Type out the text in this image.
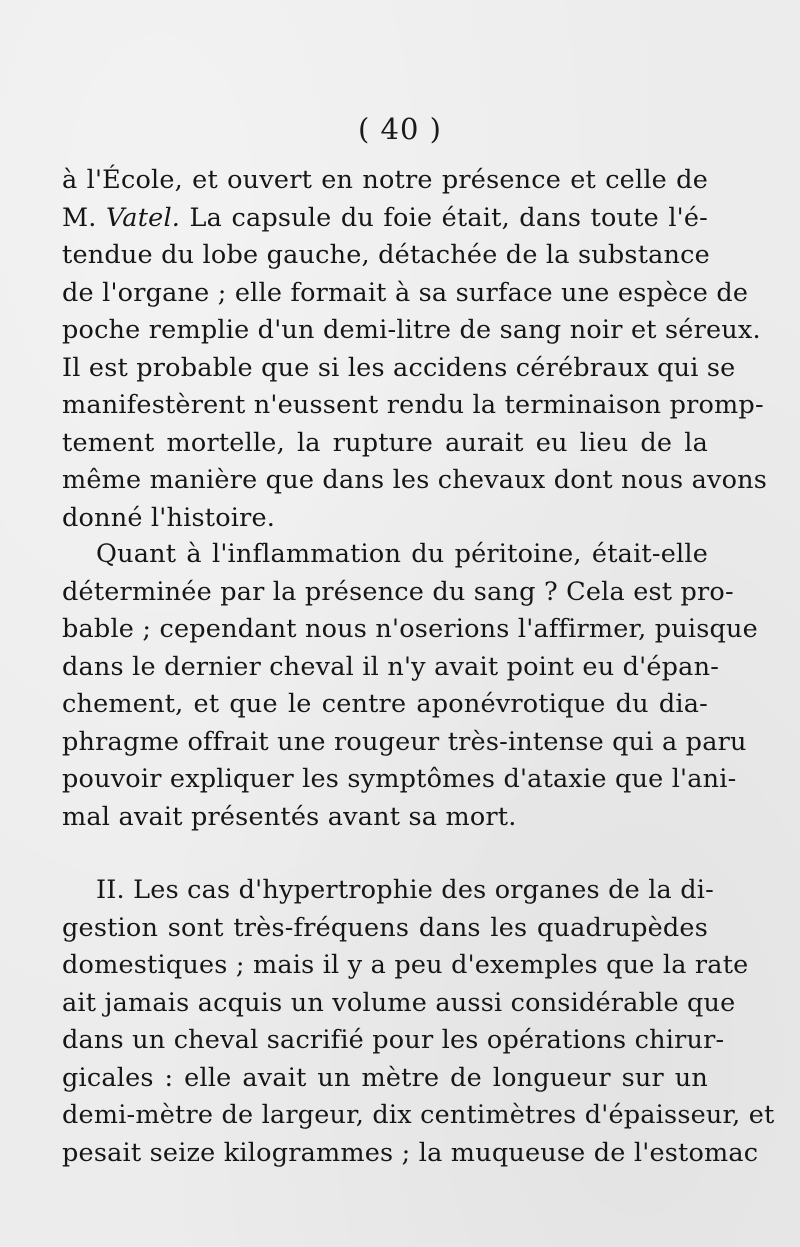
( 40 )
à l'École, et ouvert en notre présence et celle de
M. Vatel. La capsule du foie était, dans toute l'é-
tendue du lobe gauche, détachée de la substance
de l'organe ; elle formait à sa surface une espèce de
poche remplie d'un demi-litre de sang noir et séreux.
Il est probable que si les accidens cérébraux qui se
manifestèrent n'eussent rendu la terminaison promp-
tement mortelle, la rupture aurait eu lieu de la
même manière que dans les chevaux dont nous avons
donné l'histoire.
Quant à l'inflammation du péritoine, était-elle
déterminée par la présence du sang ? Cela est pro-
bable ; cependant nous n'oserions l'affirmer, puisque
dans le dernier cheval il n'y avait point eu d'épan-
chement, et que le centre aponévrotique du dia-
phragme offrait une rougeur très-intense qui a paru
pouvoir expliquer les symptômes d'ataxie que l'ani-
mal avait présentés avant sa mort.
II. Les cas d'hypertrophie des organes de la di-
gestion sont très-fréquens dans les quadrupèdes
domestiques ; mais il y a peu d'exemples que la rate
ait jamais acquis un volume aussi considérable que
dans un cheval sacrifié pour les opérations chirur-
gicales : elle avait un mètre de longueur sur un
demi-mètre de largeur, dix centimètres d'épaisseur, et
pesait seize kilogrammes ; la muqueuse de l'estomac
